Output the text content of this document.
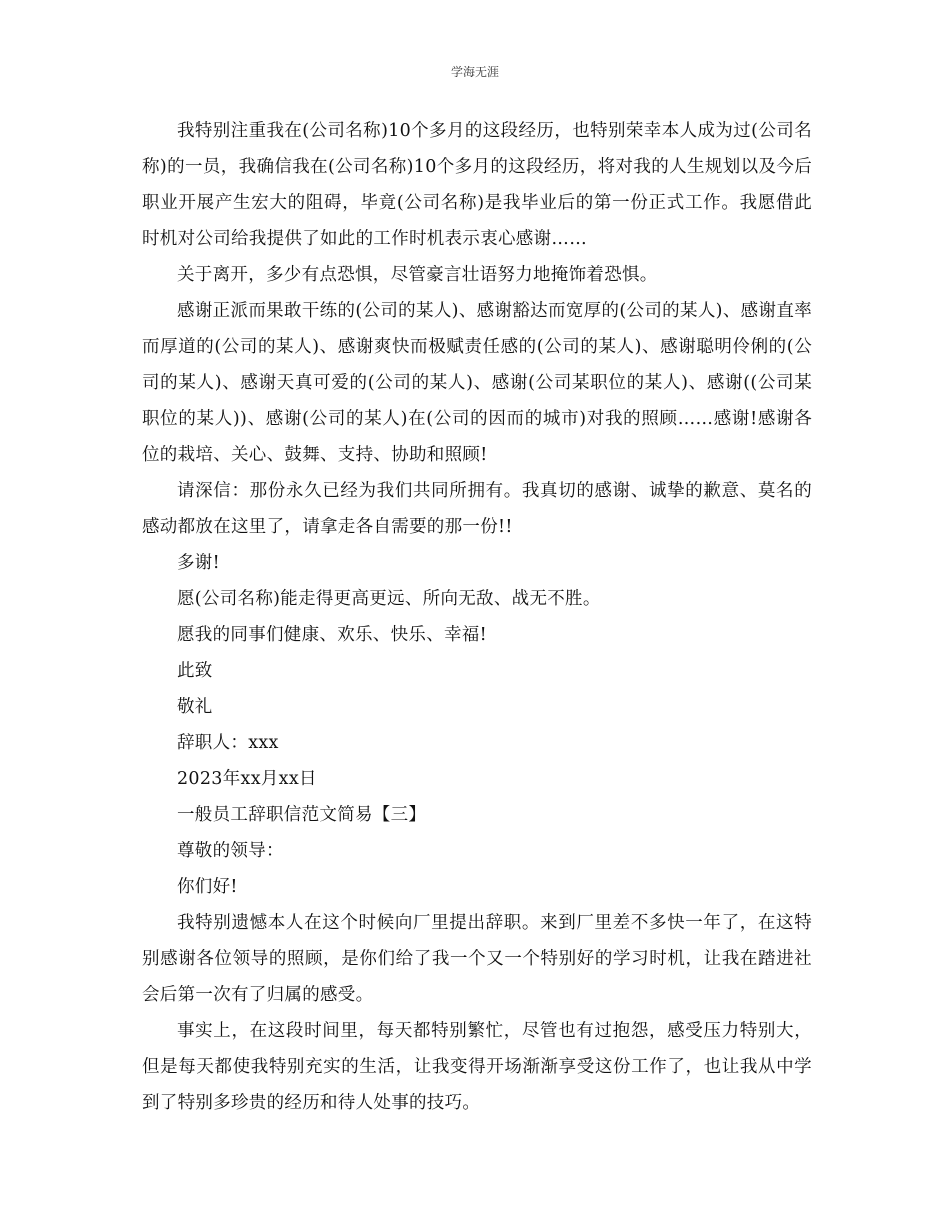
学海无涯

我特别注重我在(公司名称)10个多月的这段经历，也特别荣幸本人成为过(公司名称)的一员，我确信我在(公司名称)10个多月的这段经历，将对我的人生规划以及今后职业开展产生宏大的阻碍，毕竟(公司名称)是我毕业后的第一份正式工作。我愿借此时机对公司给我提供了如此的工作时机表示衷心感谢……

关于离开，多少有点恐惧，尽管豪言壮语努力地掩饰着恐惧。

感谢正派而果敢干练的(公司的某人)、感谢豁达而宽厚的(公司的某人)、感谢直率而厚道的(公司的某人)、感谢爽快而极赋责任感的(公司的某人)、感谢聪明伶俐的(公司的某人)、感谢天真可爱的(公司的某人)、感谢(公司某职位的某人)、感谢((公司某职位的某人))、感谢(公司的某人)在(公司的因而的城市)对我的照顾……感谢!感谢各位的栽培、关心、鼓舞、支持、协助和照顾!

请深信：那份永久已经为我们共同所拥有。我真切的感谢、诚挚的歉意、莫名的感动都放在这里了，请拿走各自需要的那一份!!

多谢!

愿(公司名称)能走得更高更远、所向无敌、战无不胜。

愿我的同事们健康、欢乐、快乐、幸福!

此致

敬礼

辞职人：xxx

2023年xx月xx日

一般员工辞职信范文简易【三】

尊敬的领导：

你们好!

我特别遗憾本人在这个时候向厂里提出辞职。来到厂里差不多快一年了，在这特别感谢各位领导的照顾，是你们给了我一个又一个特别好的学习时机，让我在踏进社会后第一次有了归属的感受。

事实上，在这段时间里，每天都特别繁忙，尽管也有过抱怨，感受压力特别大，但是每天都使我特别充实的生活，让我变得开场渐渐享受这份工作了，也让我从中学到了特别多珍贵的经历和待人处事的技巧。
